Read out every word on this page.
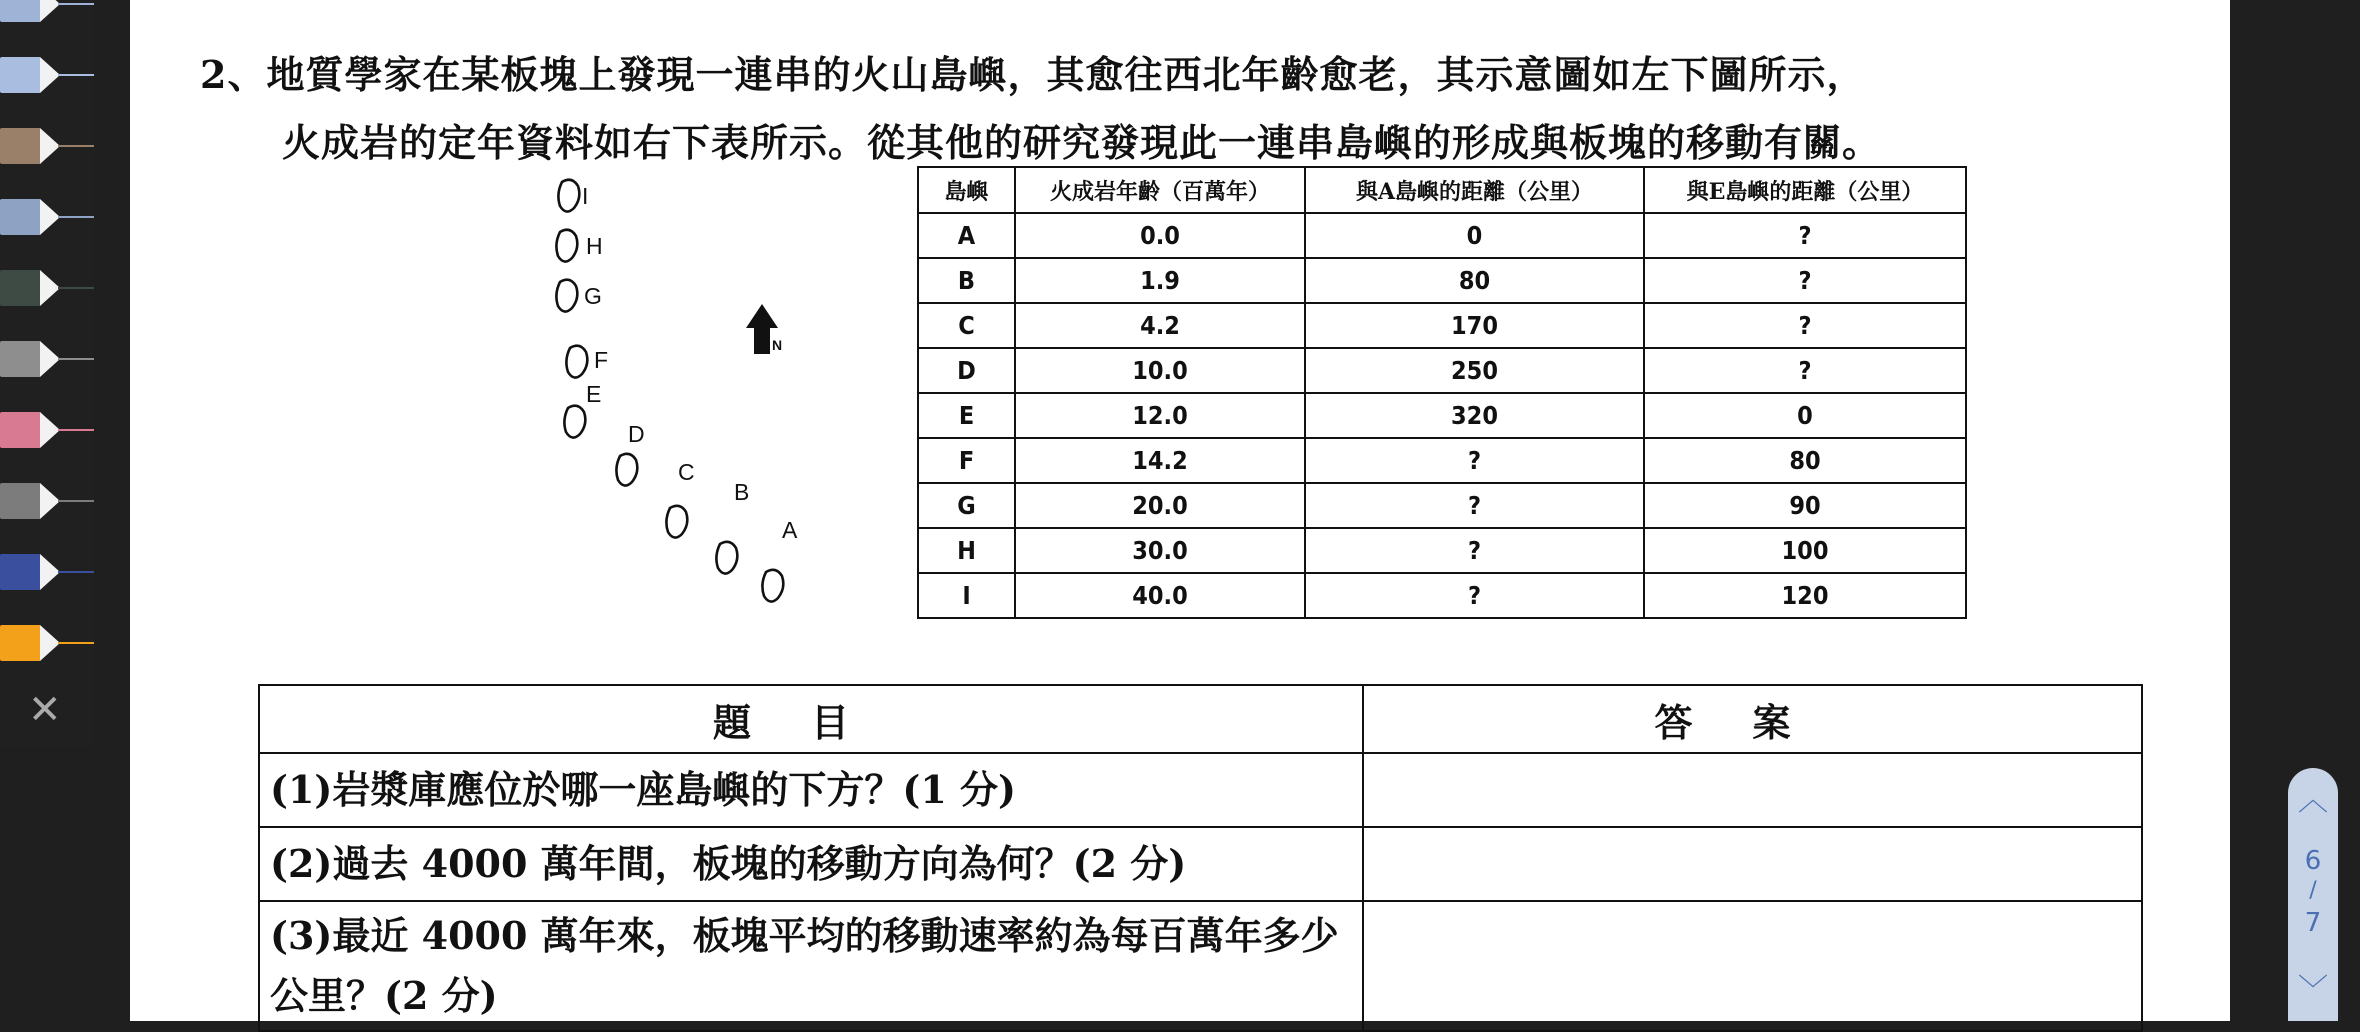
✕
2、地質學家在某板塊上發現一連串的火山島嶼，其愈往西北年齡愈老，其示意圖如左下圖所示，
火成岩的定年資料如右下表所示。從其他的研究發現此一連串島嶼的形成與板塊的移動有關。
I
H
G
F
E
D
C
B
A
N
島嶼	火成岩年齡（百萬年）	與A島嶼的距離（公里）	與E島嶼的距離（公里）
A	0.0	0	?
B	1.9	80	?
C	4.2	170	?
D	10.0	250	?
E	12.0	320	0
F	14.2	?	80
G	20.0	?	90
H	30.0	?	100
I	40.0	?	120
題目	答案
(1)岩漿庫應位於哪一座島嶼的下方？(1 分)	
(2)過去 4000 萬年間，板塊的移動方向為何？(2 分)	
(3)最近 4000 萬年來，板塊平均的移動速率約為每百萬年多少公里？(2 分)	
︿
6
/
7
﹀
